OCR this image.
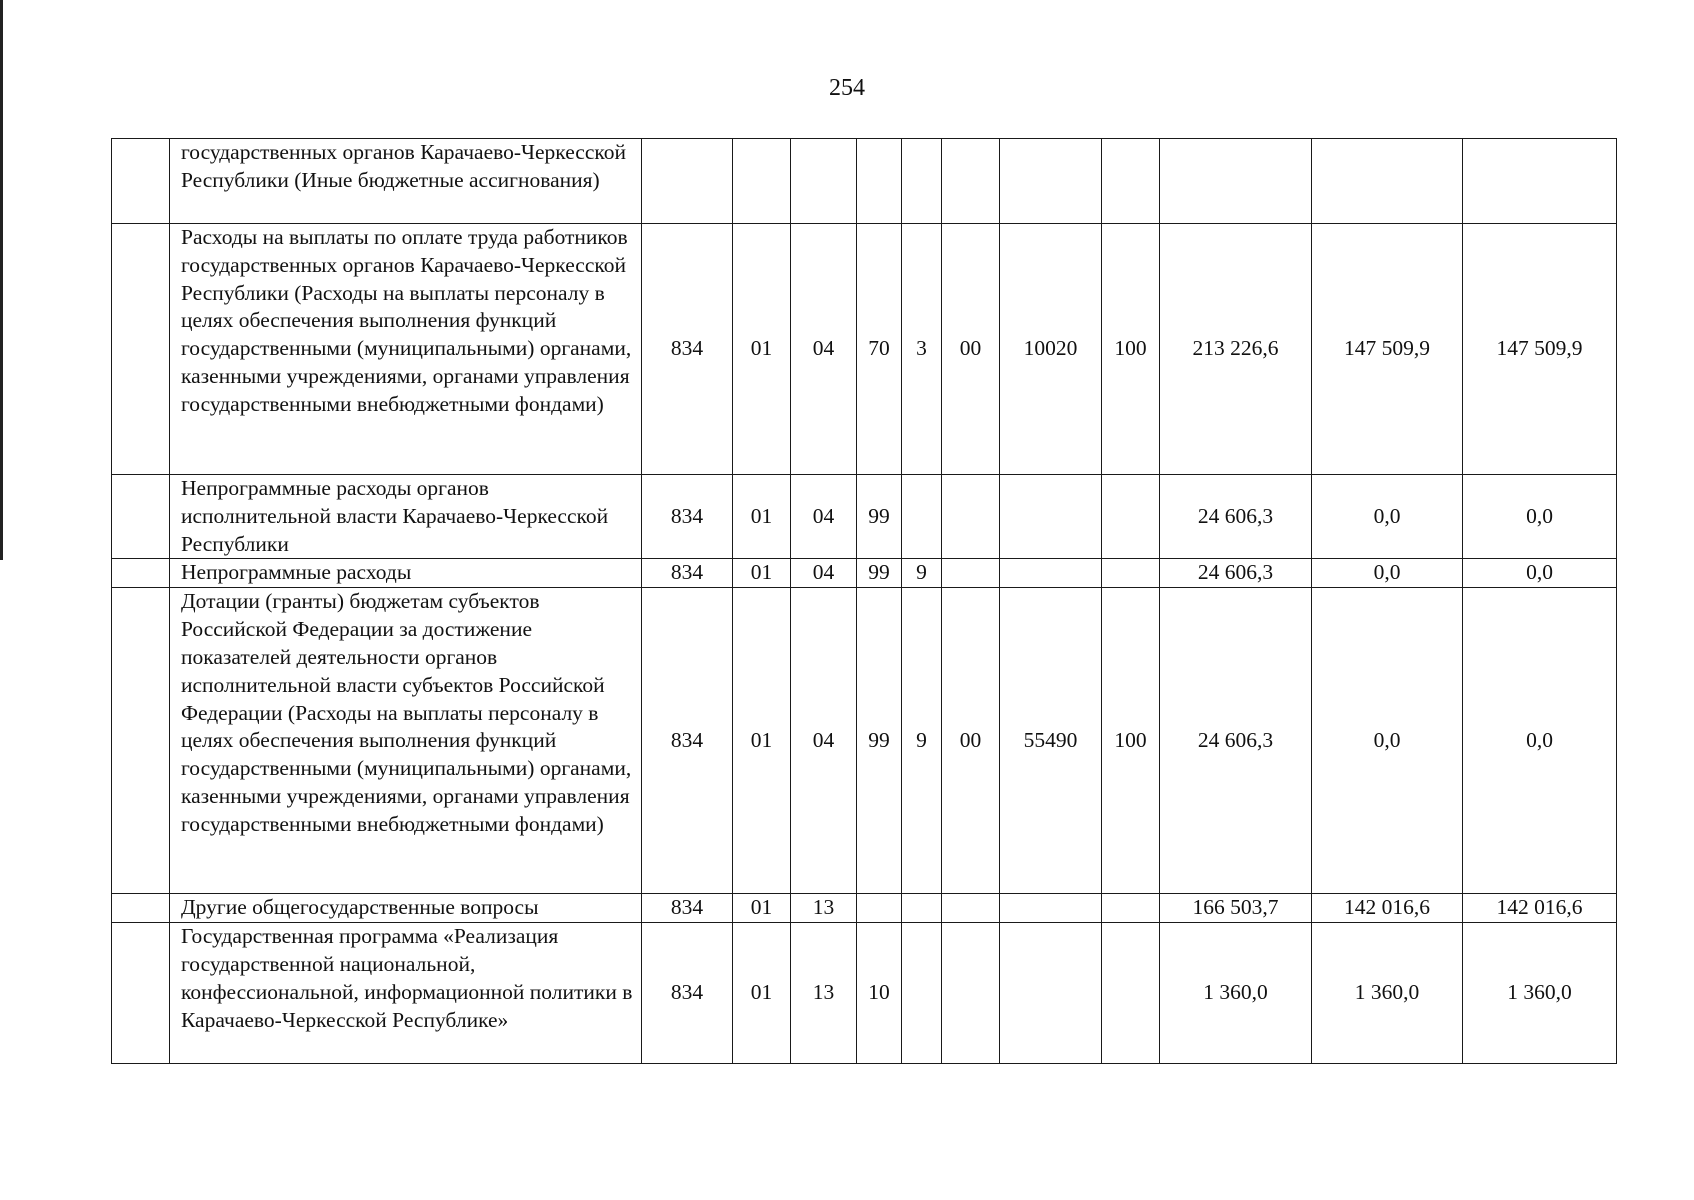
254
	государственных органов Карачаево-Черкесской Республики (Иные бюджетные ассигнования)											
	Расходы на выплаты по оплате труда работников государственных органов Карачаево-Черкесской Республики (Расходы на выплаты персоналу в целях обеспечения выполнения функций государственными (муниципальными) органами, казенными учреждениями, органами управления государственными внебюджетными фондами)	834	01	04	70	3	00	10020	100	213 226,6	147 509,9	147 509,9
	Непрограммные расходы органов исполнительной власти Карачаево-Черкесской Республики	834	01	04	99					24 606,3	0,0	0,0
	Непрограммные расходы	834	01	04	99	9				24 606,3	0,0	0,0
	Дотации (гранты) бюджетам субъектов Российской Федерации за достижение показателей деятельности органов исполнительной власти субъектов Российской Федерации (Расходы на выплаты персоналу в целях обеспечения выполнения функций государственными (муниципальными) органами, казенными учреждениями, органами управления государственными внебюджетными фондами)	834	01	04	99	9	00	55490	100	24 606,3	0,0	0,0
	Другие общегосударственные вопросы	834	01	13						166 503,7	142 016,6	142 016,6
	Государственная программа «Реализация государственной национальной, конфессиональной, информационной политики в Карачаево-Черкесской Республике»	834	01	13	10					1 360,0	1 360,0	1 360,0
